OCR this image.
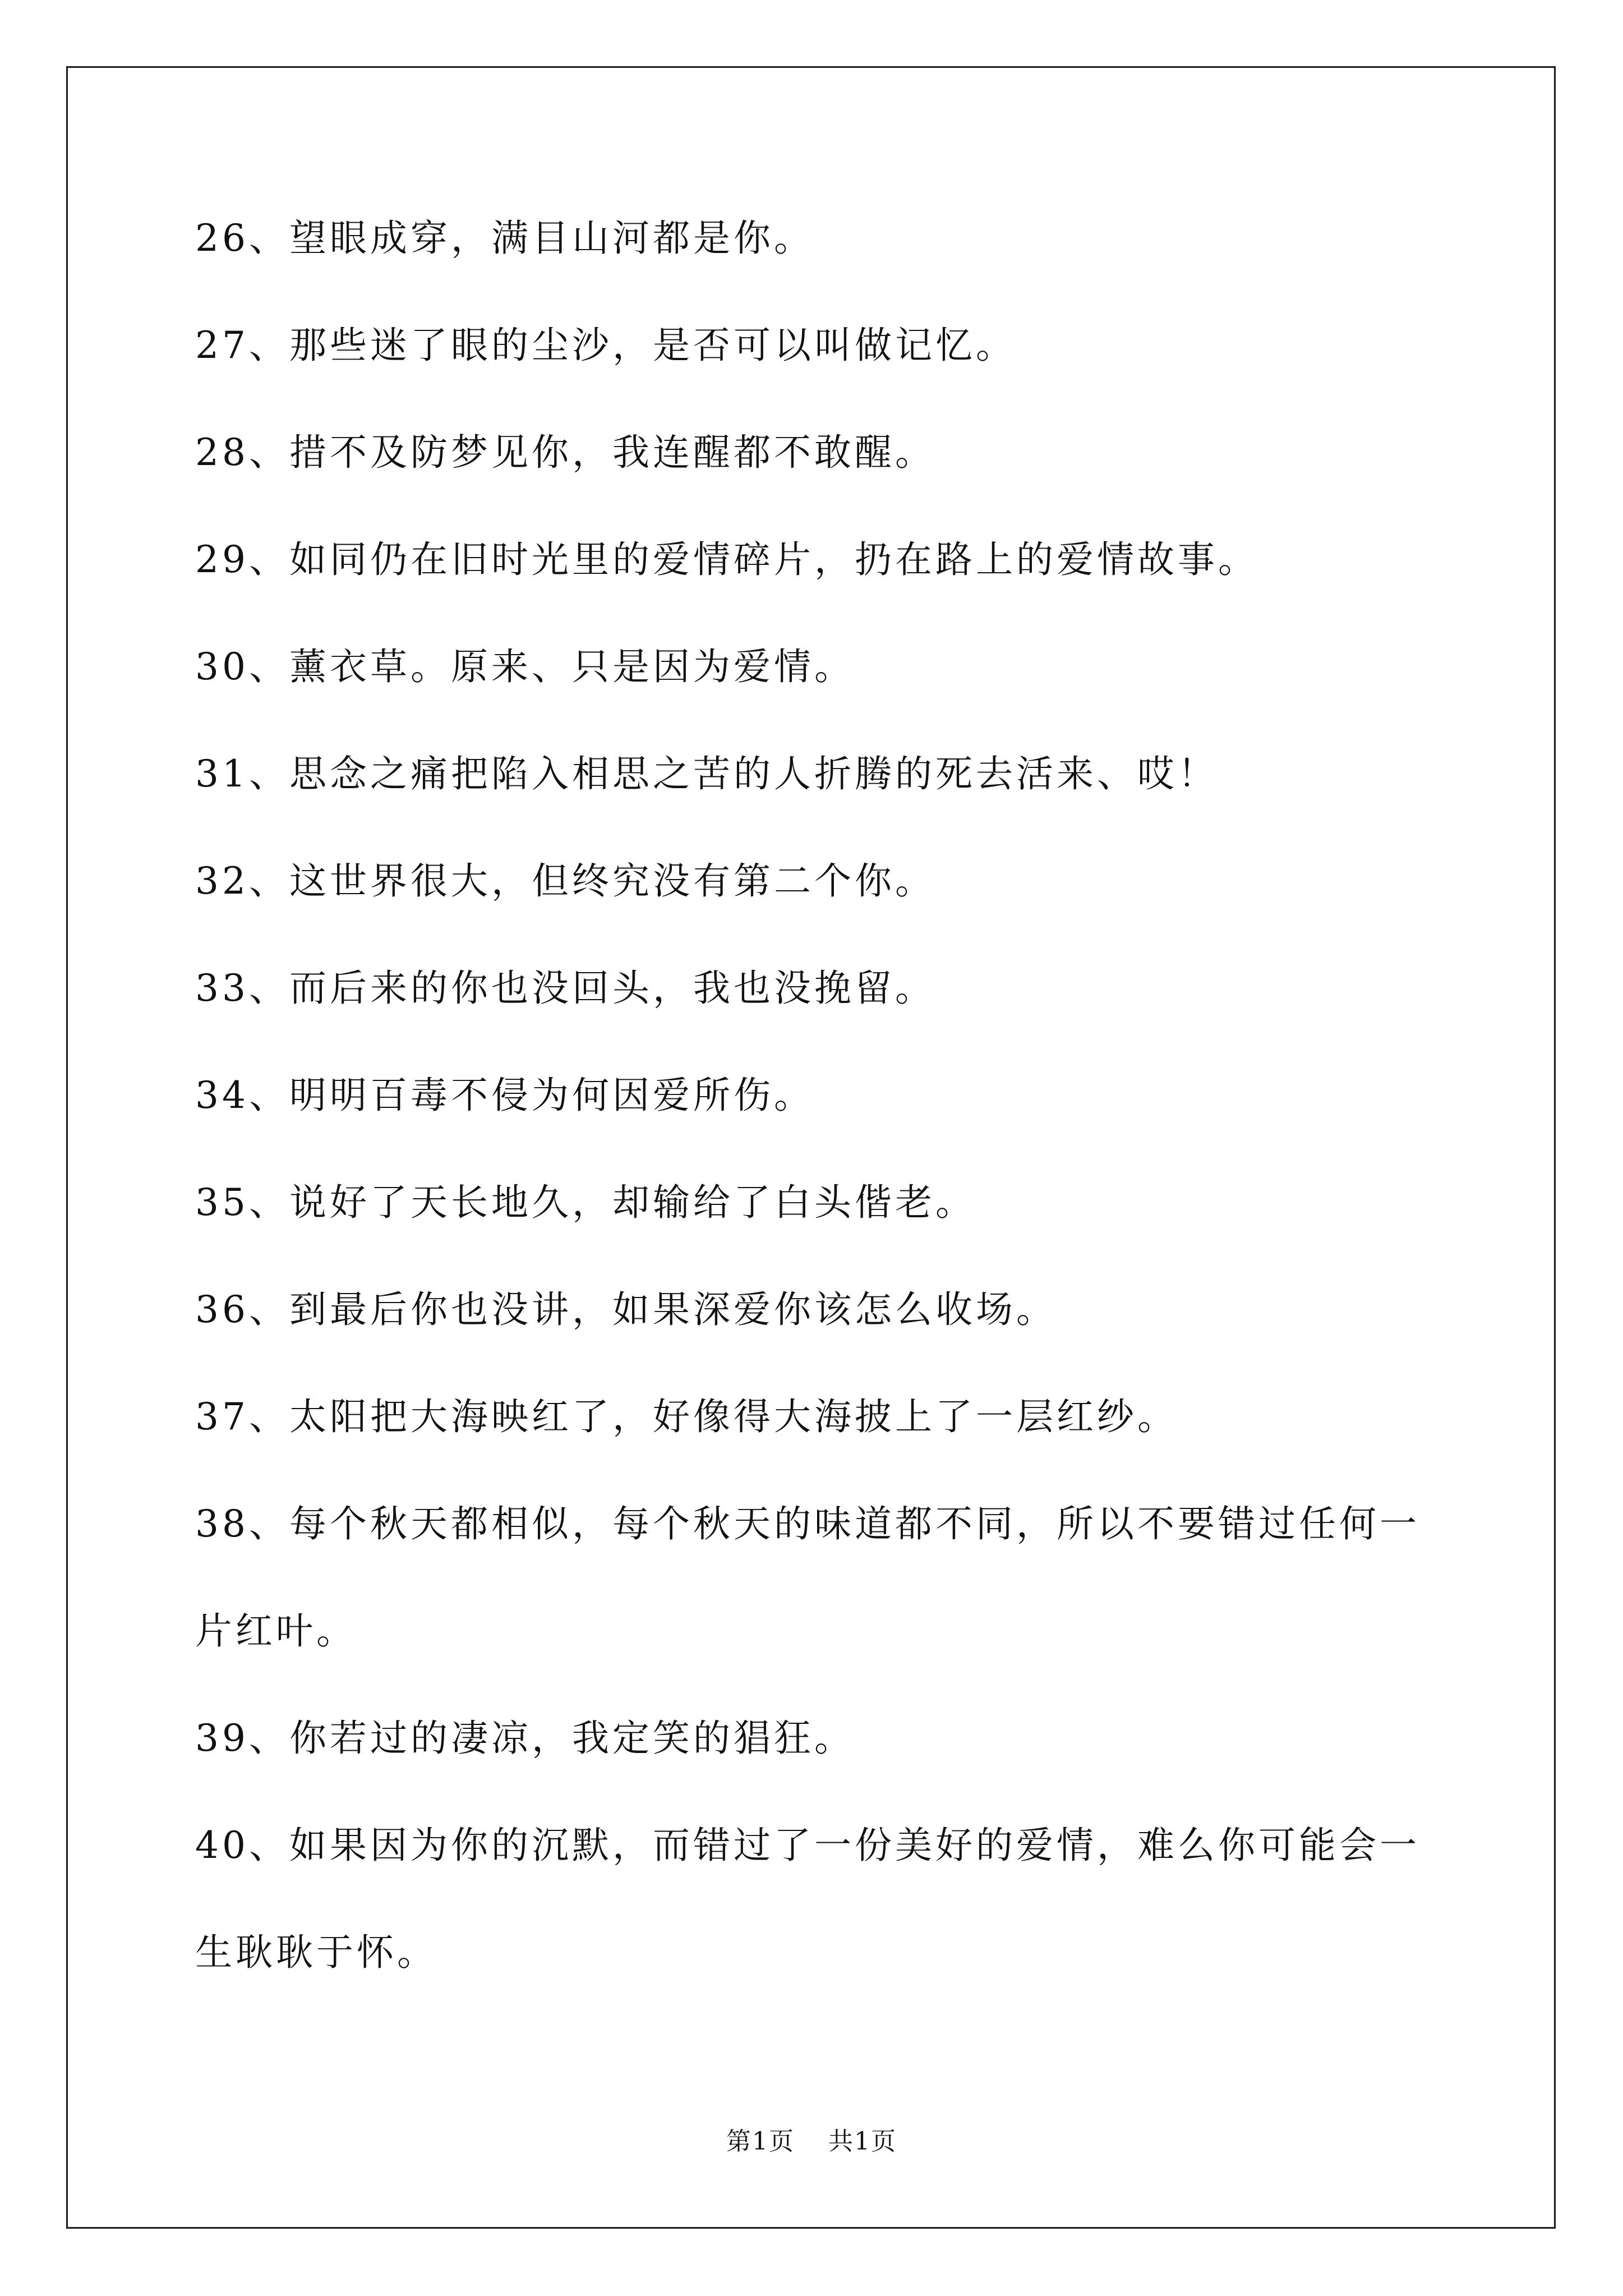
26、望眼成穿，满目山河都是你。

27、那些迷了眼的尘沙，是否可以叫做记忆。

28、措不及防梦见你，我连醒都不敢醒。

29、如同仍在旧时光里的爱情碎片，扔在路上的爱情故事。

30、薰衣草。原来、只是因为爱情。

31、思念之痛把陷入相思之苦的人折腾的死去活来、哎！

32、这世界很大，但终究没有第二个你。

33、而后来的你也没回头，我也没挽留。

34、明明百毒不侵为何因爱所伤。

35、说好了天长地久，却输给了白头偕老。

36、到最后你也没讲，如果深爱你该怎么收场。

37、太阳把大海映红了，好像得大海披上了一层红纱。

38、每个秋天都相似，每个秋天的味道都不同，所以不要错过任何一

片红叶。

39、你若过的凄凉，我定笑的猖狂。

40、如果因为你的沉默，而错过了一份美好的爱情，难么你可能会一

生耿耿于怀。

第1页 共1页
